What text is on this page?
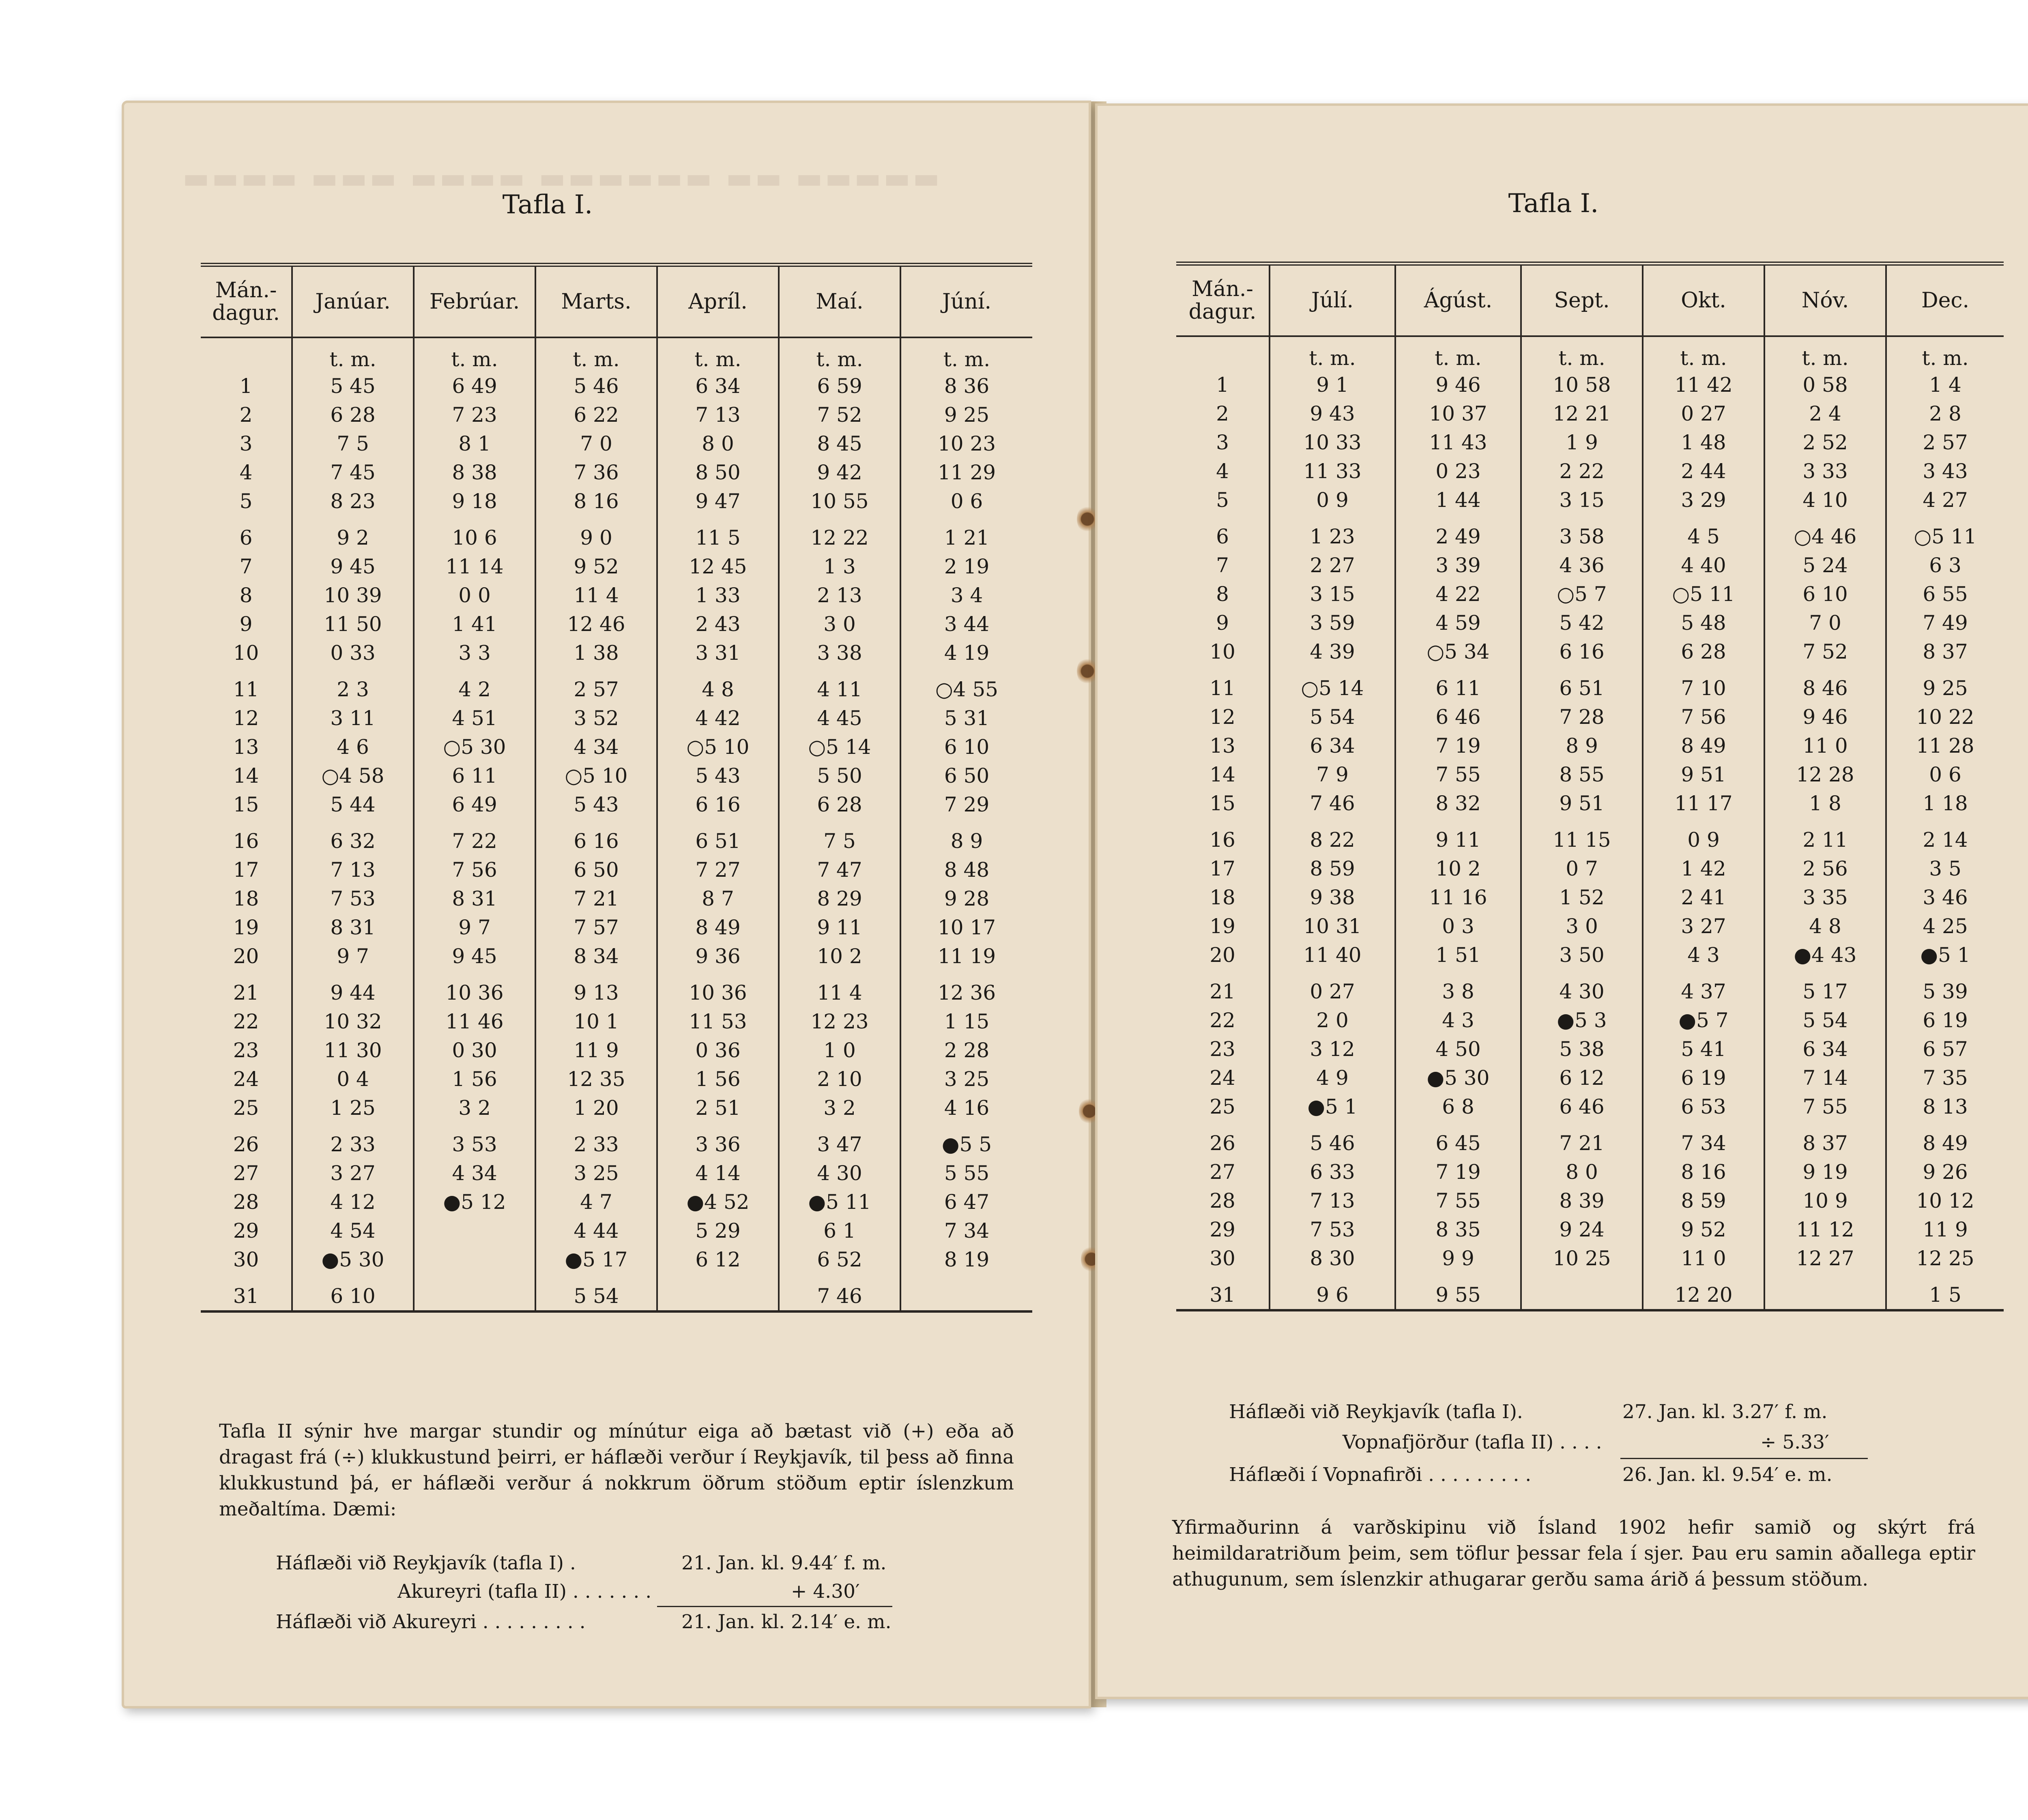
▬▬▬▬ ▬▬▬ ▬▬▬▬ ▬▬▬▬▬▬ ▬▬ ▬▬▬▬▬
Tafla I.
Mán.-
dagur.	Janúar.	Febrúar.	Marts.	Apríl.	Maí.	Júní.
	t. m.	t. m.	t. m.	t. m.	t. m.	t. m.
1	5 45	6 49	5 46	6 34	6 59	8 36
2	6 28	7 23	6 22	7 13	7 52	9 25
3	7 5	8 1	7 0	8 0	8 45	10 23
4	7 45	8 38	7 36	8 50	9 42	11 29
5	8 23	9 18	8 16	9 47	10 55	0 6
6	9 2	10 6	9 0	11 5	12 22	1 21
7	9 45	11 14	9 52	12 45	1 3	2 19
8	10 39	0 0	11 4	1 33	2 13	3 4
9	11 50	1 41	12 46	2 43	3 0	3 44
10	0 33	3 3	1 38	3 31	3 38	4 19
11	2 3	4 2	2 57	4 8	4 11	○4 55
12	3 11	4 51	3 52	4 42	4 45	5 31
13	4 6	○5 30	4 34	○5 10	○5 14	6 10
14	○4 58	6 11	○5 10	5 43	5 50	6 50
15	5 44	6 49	5 43	6 16	6 28	7 29
16	6 32	7 22	6 16	6 51	7 5	8 9
17	7 13	7 56	6 50	7 27	7 47	8 48
18	7 53	8 31	7 21	8 7	8 29	9 28
19	8 31	9 7	7 57	8 49	9 11	10 17
20	9 7	9 45	8 34	9 36	10 2	11 19
21	9 44	10 36	9 13	10 36	11 4	12 36
22	10 32	11 46	10 1	11 53	12 23	1 15
23	11 30	0 30	11 9	0 36	1 0	2 28
24	0 4	1 56	12 35	1 56	2 10	3 25
25	1 25	3 2	1 20	2 51	3 2	4 16
26	2 33	3 53	2 33	3 36	3 47	●5 5
27	3 27	4 34	3 25	4 14	4 30	5 55
28	4 12	●5 12	4 7	●4 52	●5 11	6 47
29	4 54		4 44	5 29	6 1	7 34
30	●5 30		●5 17	6 12	6 52	8 19
31	6 10		5 54		7 46	
Tafla II sýnir hve margar stundir og mínútur eiga að bætast við (+) eða að dragast frá (÷) klukkustund þeirri, er háflæði verður í Reykjavík, til þess að finna klukkustund þá, er háflæði verður á nokkrum öðrum stöðum eptir íslenzkum meðaltíma. Dæmi:
Háflæði við Reykjavík (tafla I) .	21. Jan. kl. 9.44′ f. m.
Akureyri (tafla II) . . . . . . .	+ 4.30′
Háflæði við Akureyri . . . . . . . . .	21. Jan. kl. 2.14′ e. m.
Tafla I.
Mán.-
dagur.	Júlí.	Ágúst.	Sept.	Okt.	Nóv.	Dec.
	t. m.	t. m.	t. m.	t. m.	t. m.	t. m.
1	9 1	9 46	10 58	11 42	0 58	1 4
2	9 43	10 37	12 21	0 27	2 4	2 8
3	10 33	11 43	1 9	1 48	2 52	2 57
4	11 33	0 23	2 22	2 44	3 33	3 43
5	0 9	1 44	3 15	3 29	4 10	4 27
6	1 23	2 49	3 58	4 5	○4 46	○5 11
7	2 27	3 39	4 36	4 40	5 24	6 3
8	3 15	4 22	○5 7	○5 11	6 10	6 55
9	3 59	4 59	5 42	5 48	7 0	7 49
10	4 39	○5 34	6 16	6 28	7 52	8 37
11	○5 14	6 11	6 51	7 10	8 46	9 25
12	5 54	6 46	7 28	7 56	9 46	10 22
13	6 34	7 19	8 9	8 49	11 0	11 28
14	7 9	7 55	8 55	9 51	12 28	0 6
15	7 46	8 32	9 51	11 17	1 8	1 18
16	8 22	9 11	11 15	0 9	2 11	2 14
17	8 59	10 2	0 7	1 42	2 56	3 5
18	9 38	11 16	1 52	2 41	3 35	3 46
19	10 31	0 3	3 0	3 27	4 8	4 25
20	11 40	1 51	3 50	4 3	●4 43	●5 1
21	0 27	3 8	4 30	4 37	5 17	5 39
22	2 0	4 3	●5 3	●5 7	5 54	6 19
23	3 12	4 50	5 38	5 41	6 34	6 57
24	4 9	●5 30	6 12	6 19	7 14	7 35
25	●5 1	6 8	6 46	6 53	7 55	8 13
26	5 46	6 45	7 21	7 34	8 37	8 49
27	6 33	7 19	8 0	8 16	9 19	9 26
28	7 13	7 55	8 39	8 59	10 9	10 12
29	7 53	8 35	9 24	9 52	11 12	11 9
30	8 30	9 9	10 25	11 0	12 27	12 25
31	9 6	9 55		12 20		1 5
Háflæði við Reykjavík (tafla I).	27. Jan. kl. 3.27′ f. m.
Vopnafjörður (tafla II) . . . .	÷ 5.33′
Háflæði í Vopnafirði . . . . . . . . .	26. Jan. kl. 9.54′ e. m.
Yfirmaðurinn á varðskipinu við Ísland 1902 hefir samið og skýrt frá heimildaratriðum þeim, sem töflur þessar fela í sjer. Þau eru samin aðallega eptir athugunum, sem íslenzkir athugarar gerðu sama árið á þessum stöðum.
